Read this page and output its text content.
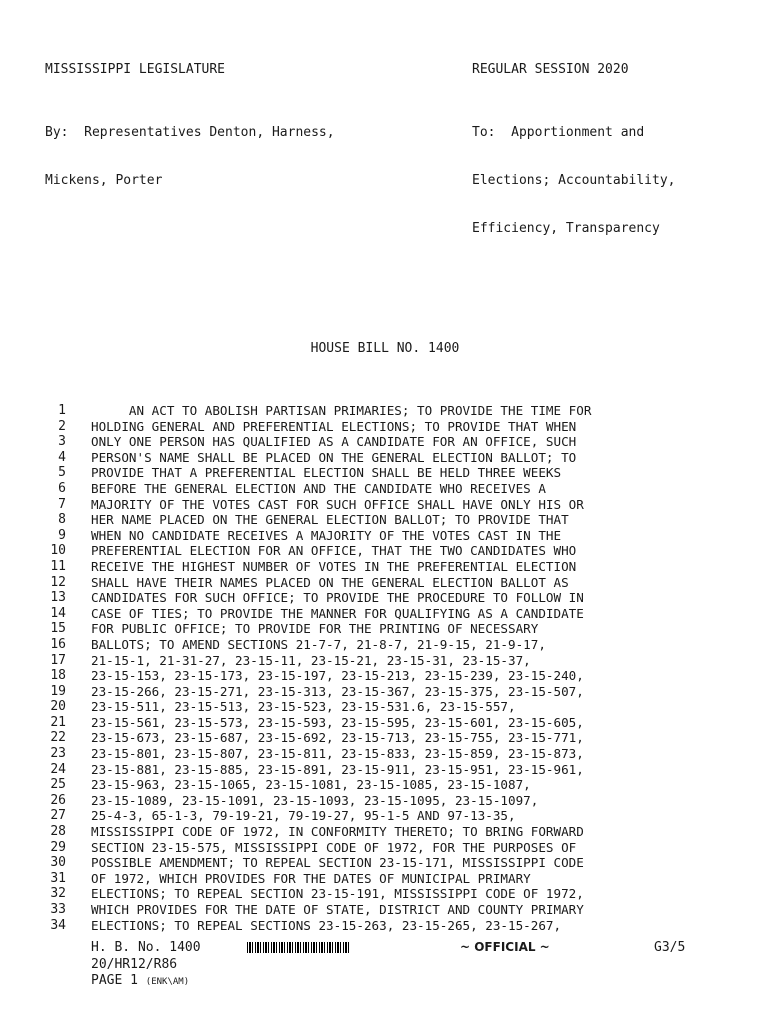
MISSISSIPPI LEGISLATURE	REGULAR SESSION 2020

By:  Representatives Denton, Harness,

Mickens, Porter

To:  Apportionment and

Elections; Accountability,

Efficiency, Transparency

HOUSE BILL NO. 1400
1 AN ACT TO ABOLISH PARTISAN PRIMARIES; TO PROVIDE THE TIME FOR
2 HOLDING GENERAL AND PREFERENTIAL ELECTIONS; TO PROVIDE THAT WHEN
3 ONLY ONE PERSON HAS QUALIFIED AS A CANDIDATE FOR AN OFFICE, SUCH
4 PERSON'S NAME SHALL BE PLACED ON THE GENERAL ELECTION BALLOT; TO
5 PROVIDE THAT A PREFERENTIAL ELECTION SHALL BE HELD THREE WEEKS
6 BEFORE THE GENERAL ELECTION AND THE CANDIDATE WHO RECEIVES A
7 MAJORITY OF THE VOTES CAST FOR SUCH OFFICE SHALL HAVE ONLY HIS OR
8 HER NAME PLACED ON THE GENERAL ELECTION BALLOT; TO PROVIDE THAT
9 WHEN NO CANDIDATE RECEIVES A MAJORITY OF THE VOTES CAST IN THE
10 PREFERENTIAL ELECTION FOR AN OFFICE, THAT THE TWO CANDIDATES WHO
11 RECEIVE THE HIGHEST NUMBER OF VOTES IN THE PREFERENTIAL ELECTION
12 SHALL HAVE THEIR NAMES PLACED ON THE GENERAL ELECTION BALLOT AS
13 CANDIDATES FOR SUCH OFFICE; TO PROVIDE THE PROCEDURE TO FOLLOW IN
14 CASE OF TIES; TO PROVIDE THE MANNER FOR QUALIFYING AS A CANDIDATE
15 FOR PUBLIC OFFICE; TO PROVIDE FOR THE PRINTING OF NECESSARY
16 BALLOTS; TO AMEND SECTIONS 21-7-7, 21-8-7, 21-9-15, 21-9-17,
17 21-15-1, 21-31-27, 23-15-11, 23-15-21, 23-15-31, 23-15-37,
18 23-15-153, 23-15-173, 23-15-197, 23-15-213, 23-15-239, 23-15-240,
19 23-15-266, 23-15-271, 23-15-313, 23-15-367, 23-15-375, 23-15-507,
20 23-15-511, 23-15-513, 23-15-523, 23-15-531.6, 23-15-557,
21 23-15-561, 23-15-573, 23-15-593, 23-15-595, 23-15-601, 23-15-605,
22 23-15-673, 23-15-687, 23-15-692, 23-15-713, 23-15-755, 23-15-771,
23 23-15-801, 23-15-807, 23-15-811, 23-15-833, 23-15-859, 23-15-873,
24 23-15-881, 23-15-885, 23-15-891, 23-15-911, 23-15-951, 23-15-961,
25 23-15-963, 23-15-1065, 23-15-1081, 23-15-1085, 23-15-1087,
26 23-15-1089, 23-15-1091, 23-15-1093, 23-15-1095, 23-15-1097,
27 25-4-3, 65-1-3, 79-19-21, 79-19-27, 95-1-5 AND 97-13-35,
28 MISSISSIPPI CODE OF 1972, IN CONFORMITY THERETO; TO BRING FORWARD
29 SECTION 23-15-575, MISSISSIPPI CODE OF 1972, FOR THE PURPOSES OF
30 POSSIBLE AMENDMENT; TO REPEAL SECTION 23-15-171, MISSISSIPPI CODE
31 OF 1972, WHICH PROVIDES FOR THE DATES OF MUNICIPAL PRIMARY
32 ELECTIONS; TO REPEAL SECTION 23-15-191, MISSISSIPPI CODE OF 1972,
33 WHICH PROVIDES FOR THE DATE OF STATE, DISTRICT AND COUNTY PRIMARY
34 ELECTIONS; TO REPEAL SECTIONS 23-15-263, 23-15-265, 23-15-267,
H. B. No. 1400	~ OFFICIAL ~	G3/5
20/HR12/R86
PAGE 1 (ENK\AM)
